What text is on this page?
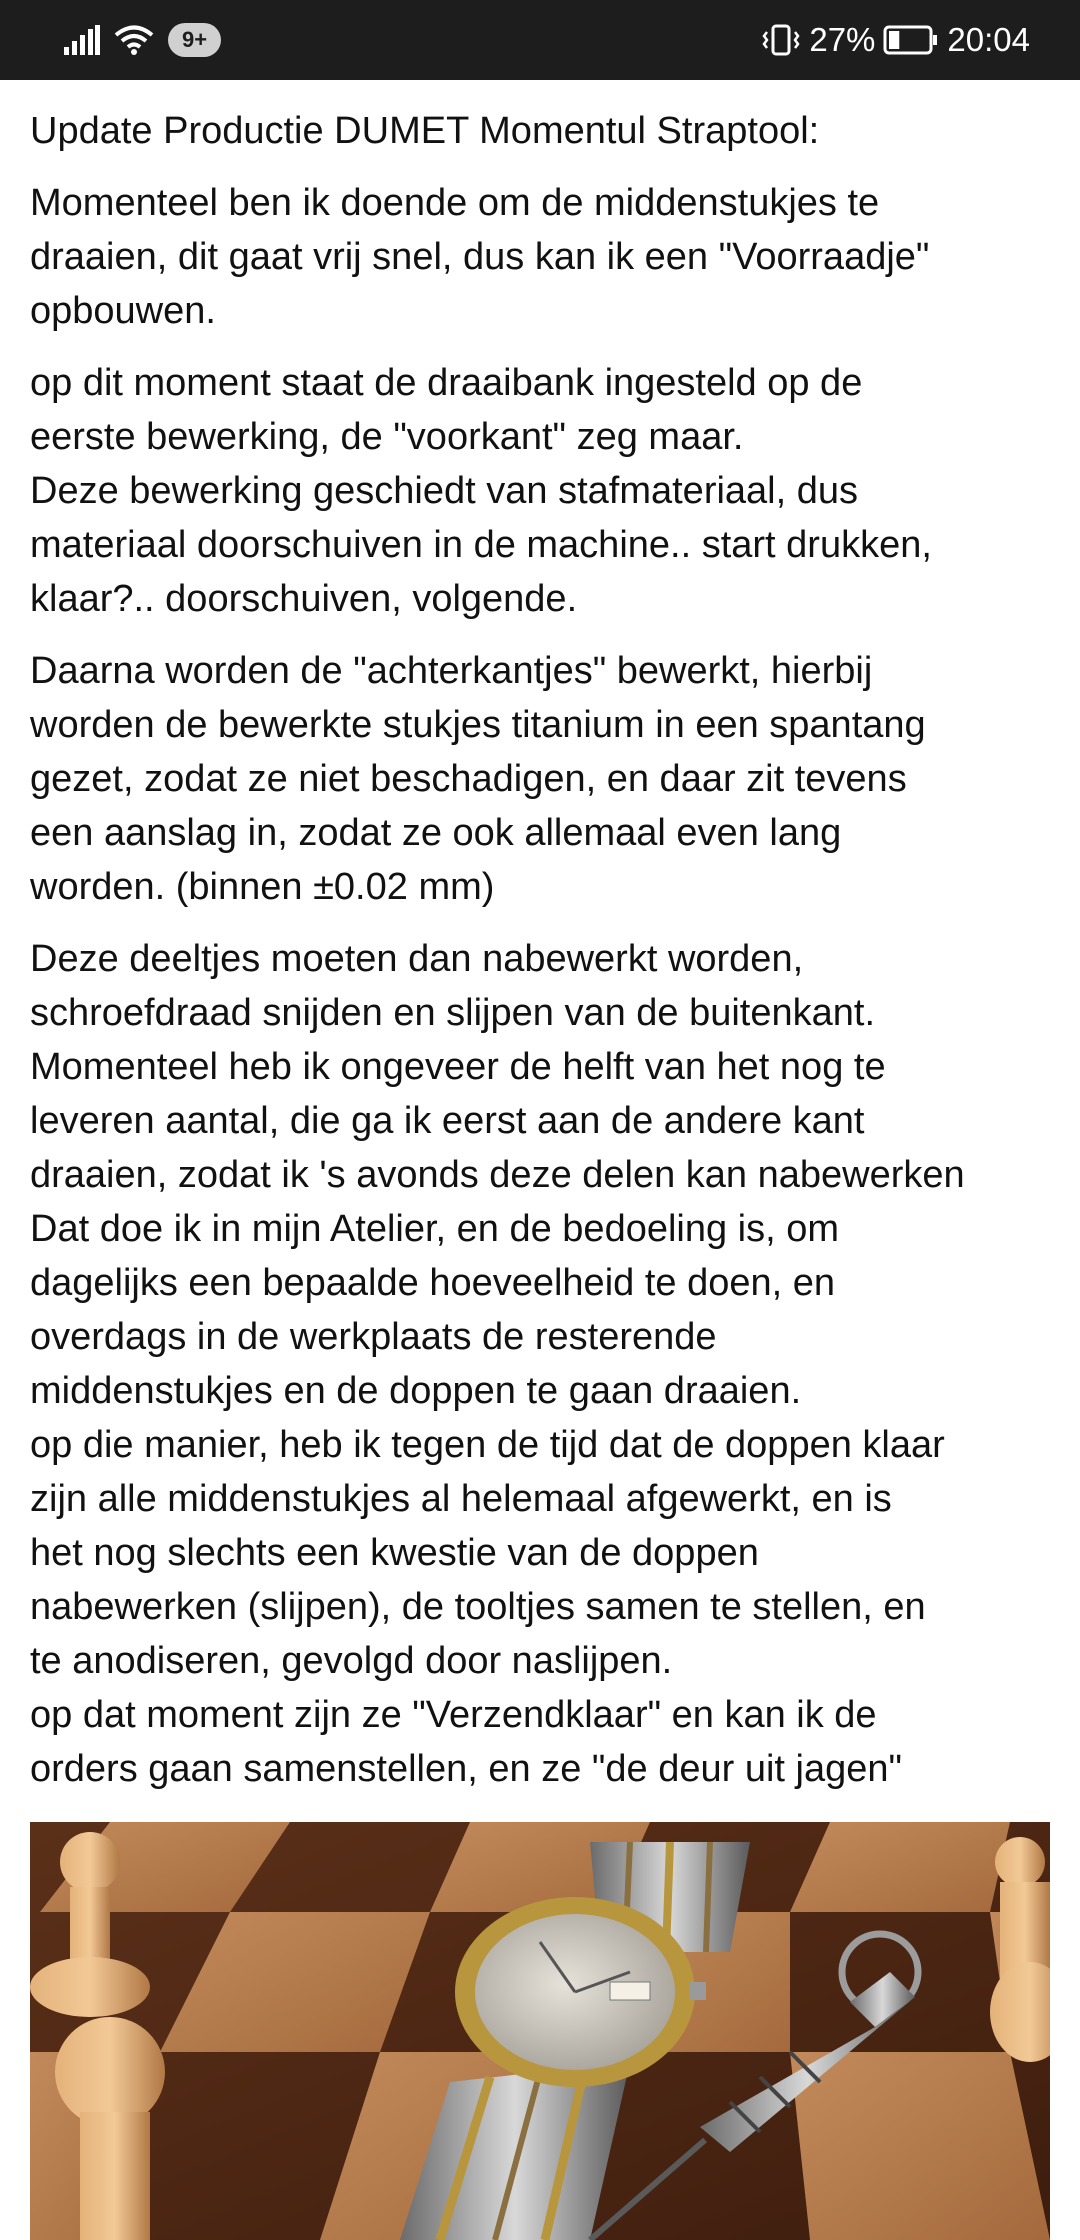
9+	27% 20:04

Update Productie DUMET Momentul Straptool:

Momenteel ben ik doende om de middenstukjes te
draaien, dit gaat vrij snel, dus kan ik een "Voorraadje"
opbouwen.

op dit moment staat de draaibank ingesteld op de
eerste bewerking, de "voorkant" zeg maar.
Deze bewerking geschiedt van stafmateriaal, dus
materiaal doorschuiven in de machine.. start drukken,
klaar?.. doorschuiven, volgende.

Daarna worden de "achterkantjes" bewerkt, hierbij
worden de bewerkte stukjes titanium in een spantang
gezet, zodat ze niet beschadigen, en daar zit tevens
een aanslag in, zodat ze ook allemaal even lang
worden. (binnen ±0.02 mm)

Deze deeltjes moeten dan nabewerkt worden,
schroefdraad snijden en slijpen van de buitenkant.
Momenteel heb ik ongeveer de helft van het nog te
leveren aantal, die ga ik eerst aan de andere kant
draaien, zodat ik 's avonds deze delen kan nabewerken
Dat doe ik in mijn Atelier, en de bedoeling is, om
dagelijks een bepaalde hoeveelheid te doen, en
overdags in de werkplaats de resterende
middenstukjes en de doppen te gaan draaien.
op die manier, heb ik tegen de tijd dat de doppen klaar
zijn alle middenstukjes al helemaal afgewerkt, en is
het nog slechts een kwestie van de doppen
nabewerken (slijpen), de tooltjes samen te stellen, en
te anodiseren, gevolgd door naslijpen.
op dat moment zijn ze "Verzendklaar" en kan ik de
orders gaan samenstellen, en ze "de deur uit jagen"
